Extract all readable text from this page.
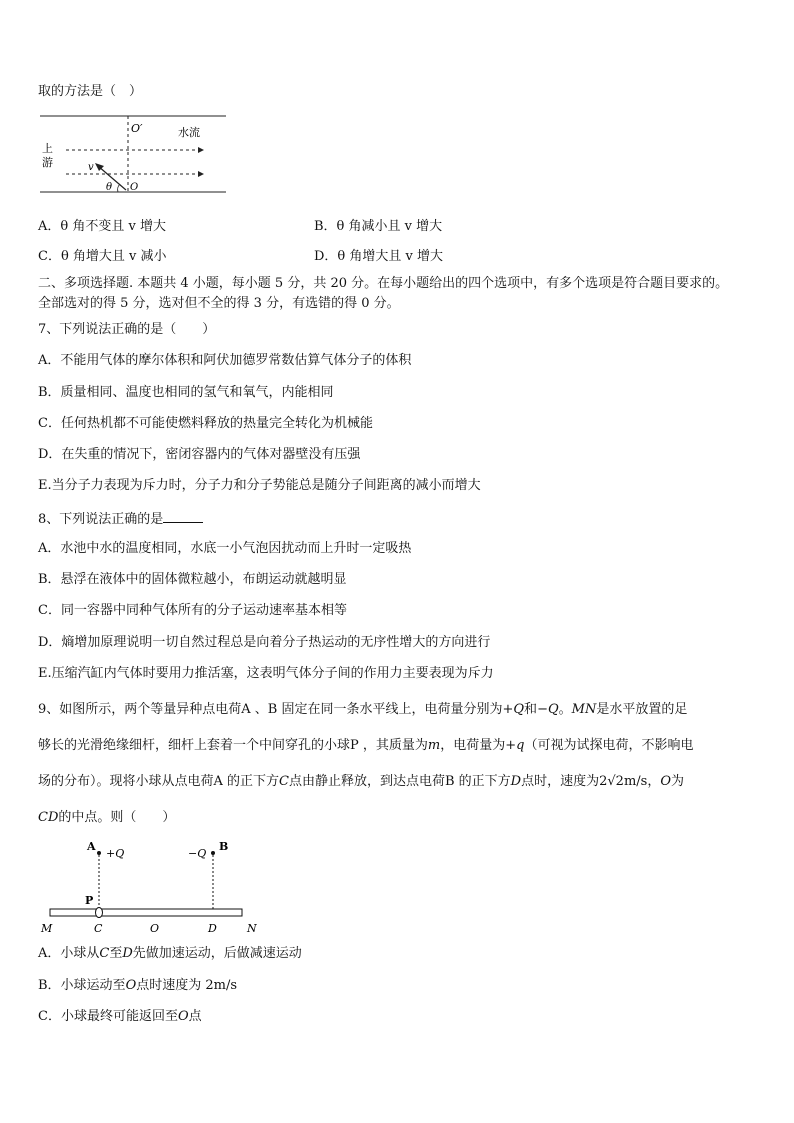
取的方法是（　）
O′	水流
上
游	v
θ O
A．θ 角不变且 v 增大	B．θ 角减小且 v 增大
C．θ 角增大且 v 减小	D．θ 角增大且 v 增大
二、多项选择题. 本题共 4 小题，每小题 5 分，共 20 分。在每小题给出的四个选项中，有多个选项是符合题目要求的。
全部选对的得 5 分，选对但不全的得 3 分，有选错的得 0 分。
7、下列说法正确的是（　　）
A．不能用气体的摩尔体积和阿伏加德罗常数估算气体分子的体积
B．质量相同、温度也相同的氢气和氧气，内能相同
C．任何热机都不可能使燃料释放的热量完全转化为机械能
D．在失重的情况下，密闭容器内的气体对器壁没有压强
E.当分子力表现为斥力时，分子力和分子势能总是随分子间距离的减小而增大
8、下列说法正确的是
A．水池中水的温度相同，水底一小气泡因扰动而上升时一定吸热
B．悬浮在液体中的固体微粒越小，布朗运动就越明显
C．同一容器中同种气体所有的分子运动速率基本相等
D．熵增加原理说明一切自然过程总是向着分子热运动的无序性增大的方向进行
E.压缩汽缸内气体时要用力推活塞，这表明气体分子间的作用力主要表现为斥力
9、如图所示，两个等量异种点电荷A 、B 固定在同一条水平线上，电荷量分别为+Q和−Q。MN是水平放置的足
够长的光滑绝缘细杆，细杆上套着一个中间穿孔的小球P ，其质量为m，电荷量为+q（可视为试探电荷，不影响电
场的分布）。现将小球从点电荷A 的正下方C点由静止释放，到达点电荷B 的正下方D点时，速度为2√2m/s，O为
CD的中点。则（　　）
A
+Q	−Q
B
P
M	C	O	D	N
A．小球从C至D先做加速运动，后做减速运动
B．小球运动至O点时速度为 2m/s
C．小球最终可能返回至O点
